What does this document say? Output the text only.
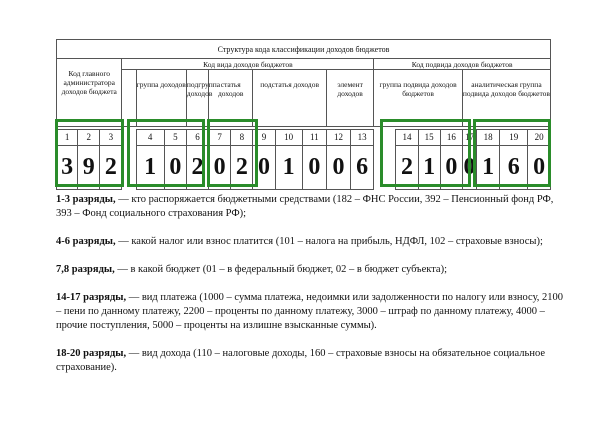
Структура кода классификации доходов бюджетов																					
Код главного администратора доходов бюджета			Код вида доходов бюджетов											Код подвида доходов бюджетов							
				группа доходов		подгруппа доходов	статья доходов		подстатья доходов			элемент доходов		группа подвида доходов бюджетов				аналитическая группа подвида доходов бюджетов			

1	2	3		4	5	6	7	8	9	10	11	12	13		14	15	16	17	18	19	20
3	9	2		1	0	2	0	2	0	1	0	0	6		2	1	0	0	1	6	0
1-3 разряды, — кто распоряжается бюджетными средствами (182 – ФНС России, 392 – Пенсионный фонд РФ, 393 – Фонд социального страхования РФ);
4-6 разряды, — какой налог или взнос платится (101 – налога на прибыль, НДФЛ, 102 – страховые взносы);
7,8 разряды, — в какой бюджет (01 – в федеральный бюджет, 02 – в бюджет субъекта);
14-17 разряды, — вид платежа (1000 – сумма платежа, недоимки или задолженности по налогу или взносу, 2100 – пени по данному платежу, 2200 – проценты по данному платежу, 3000 – штраф по данному платежу, 4000 – прочие поступления, 5000 – проценты на излишне взысканные суммы).
18-20 разряды, — вид дохода (110 – налоговые доходы, 160 – страховые взносы на обязательное социальное страхование).
